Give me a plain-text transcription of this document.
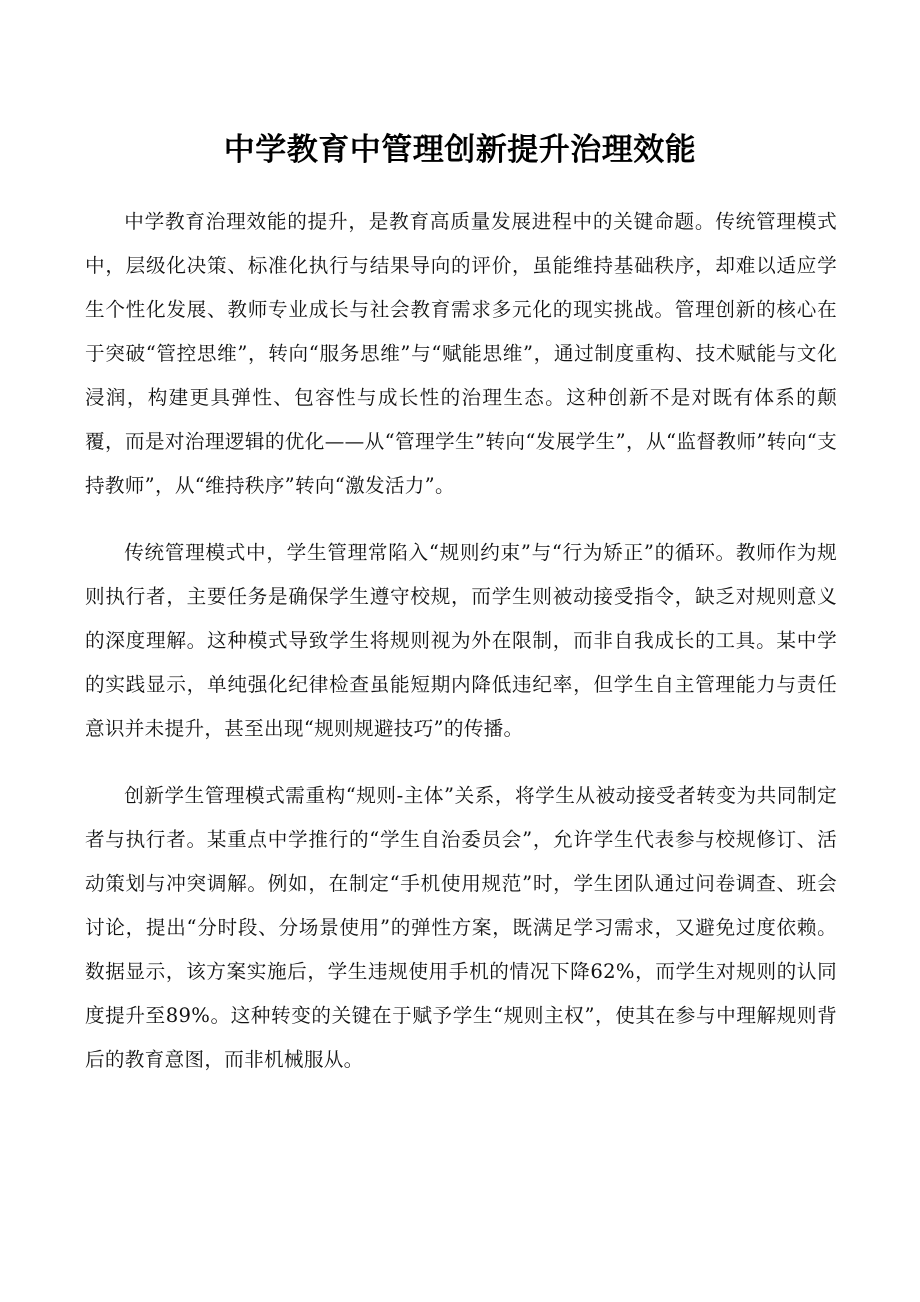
中学教育中管理创新提升治理效能

中学教育治理效能的提升，是教育高质量发展进程中的关键命题。传统管理模式中，层级化决策、标准化执行与结果导向的评价，虽能维持基础秩序，却难以适应学生个性化发展、教师专业成长与社会教育需求多元化的现实挑战。管理创新的核心在于突破“管控思维”，转向“服务思维”与“赋能思维”，通过制度重构、技术赋能与文化浸润，构建更具弹性、包容性与成长性的治理生态。这种创新不是对既有体系的颠覆，而是对治理逻辑的优化——从“管理学生”转向“发展学生”，从“监督教师”转向“支持教师”，从“维持秩序”转向“激发活力”。

传统管理模式中，学生管理常陷入“规则约束”与“行为矫正”的循环。教师作为规则执行者，主要任务是确保学生遵守校规，而学生则被动接受指令，缺乏对规则意义的深度理解。这种模式导致学生将规则视为外在限制，而非自我成长的工具。某中学的实践显示，单纯强化纪律检查虽能短期内降低违纪率，但学生自主管理能力与责任意识并未提升，甚至出现“规则规避技巧”的传播。

创新学生管理模式需重构“规则-主体”关系，将学生从被动接受者转变为共同制定者与执行者。某重点中学推行的“学生自治委员会”，允许学生代表参与校规修订、活动策划与冲突调解。例如，在制定“手机使用规范”时，学生团队通过问卷调查、班会讨论，提出“分时段、分场景使用”的弹性方案，既满足学习需求，又避免过度依赖。数据显示，该方案实施后，学生违规使用手机的情况下降62%，而学生对规则的认同度提升至89%。这种转变的关键在于赋予学生“规则主权”，使其在参与中理解规则背后的教育意图，而非机械服从。
